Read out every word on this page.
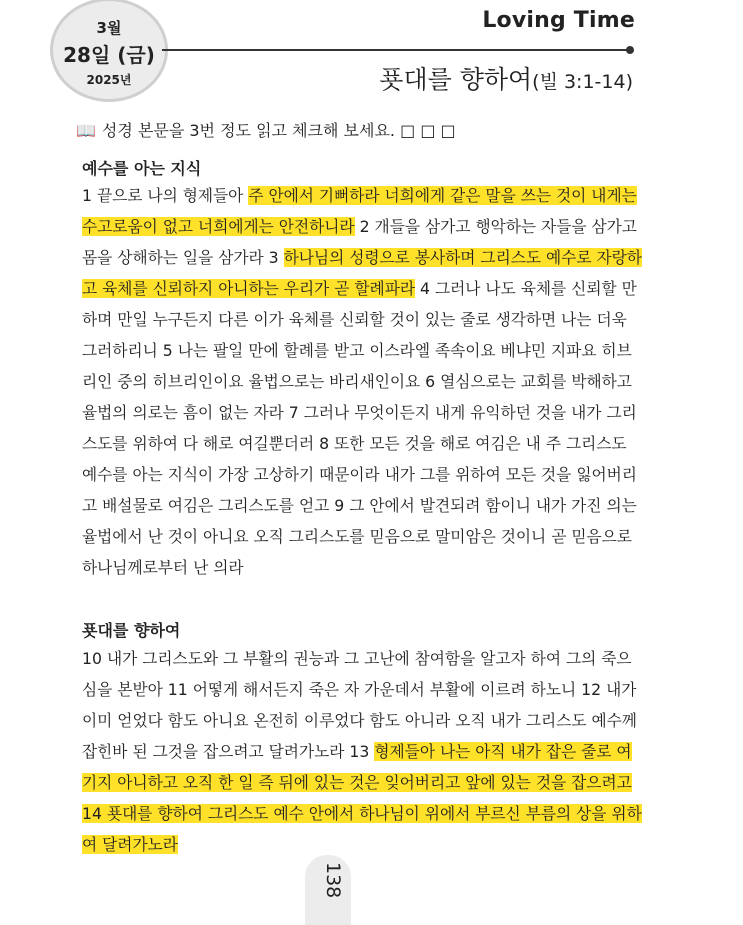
3월
28일 (금)
2025년
Loving Time
푯대를 향하여(빌 3:1-14)
📖 성경 본문을 3번 정도 읽고 체크해 보세요. □ □ □
예수를 아는 지식
1 끝으로 나의 형제들아 주 안에서 기뻐하라 너희에게 같은 말을 쓰는 것이 내게는 수고로움이 없고 너희에게는 안전하니라 2 개들을 삼가고 행악하는 자들을 삼가고 몸을 상해하는 일을 삼가라 3 하나님의 성령으로 봉사하며 그리스도 예수로 자랑하고 육체를 신뢰하지 아니하는 우리가 곧 할례파라 4 그러나 나도 육체를 신뢰할 만하며 만일 누구든지 다른 이가 육체를 신뢰할 것이 있는 줄로 생각하면 나는 더욱 그러하리니 5 나는 팔일 만에 할례를 받고 이스라엘 족속이요 베냐민 지파요 히브리인 중의 히브리인이요 율법으로는 바리새인이요 6 열심으로는 교회를 박해하고 율법의 의로는 흠이 없는 자라 7 그러나 무엇이든지 내게 유익하던 것을 내가 그리스도를 위하여 다 해로 여길뿐더러 8 또한 모든 것을 해로 여김은 내 주 그리스도 예수를 아는 지식이 가장 고상하기 때문이라 내가 그를 위하여 모든 것을 잃어버리고 배설물로 여김은 그리스도를 얻고 9 그 안에서 발견되려 함이니 내가 가진 의는 율법에서 난 것이 아니요 오직 그리스도를 믿음으로 말미암은 것이니 곧 믿음으로 하나님께로부터 난 의라
푯대를 향하여
10 내가 그리스도와 그 부활의 권능과 그 고난에 참여함을 알고자 하여 그의 죽으심을 본받아 11 어떻게 해서든지 죽은 자 가운데서 부활에 이르려 하노니 12 내가 이미 얻었다 함도 아니요 온전히 이루었다 함도 아니라 오직 내가 그리스도 예수께 잡힌바 된 그것을 잡으려고 달려가노라 13 형제들아 나는 아직 내가 잡은 줄로 여기지 아니하고 오직 한 일 즉 뒤에 있는 것은 잊어버리고 앞에 있는 것을 잡으려고 14 푯대를 향하여 그리스도 예수 안에서 하나님이 위에서 부르신 부름의 상을 위하여 달려가노라
138
